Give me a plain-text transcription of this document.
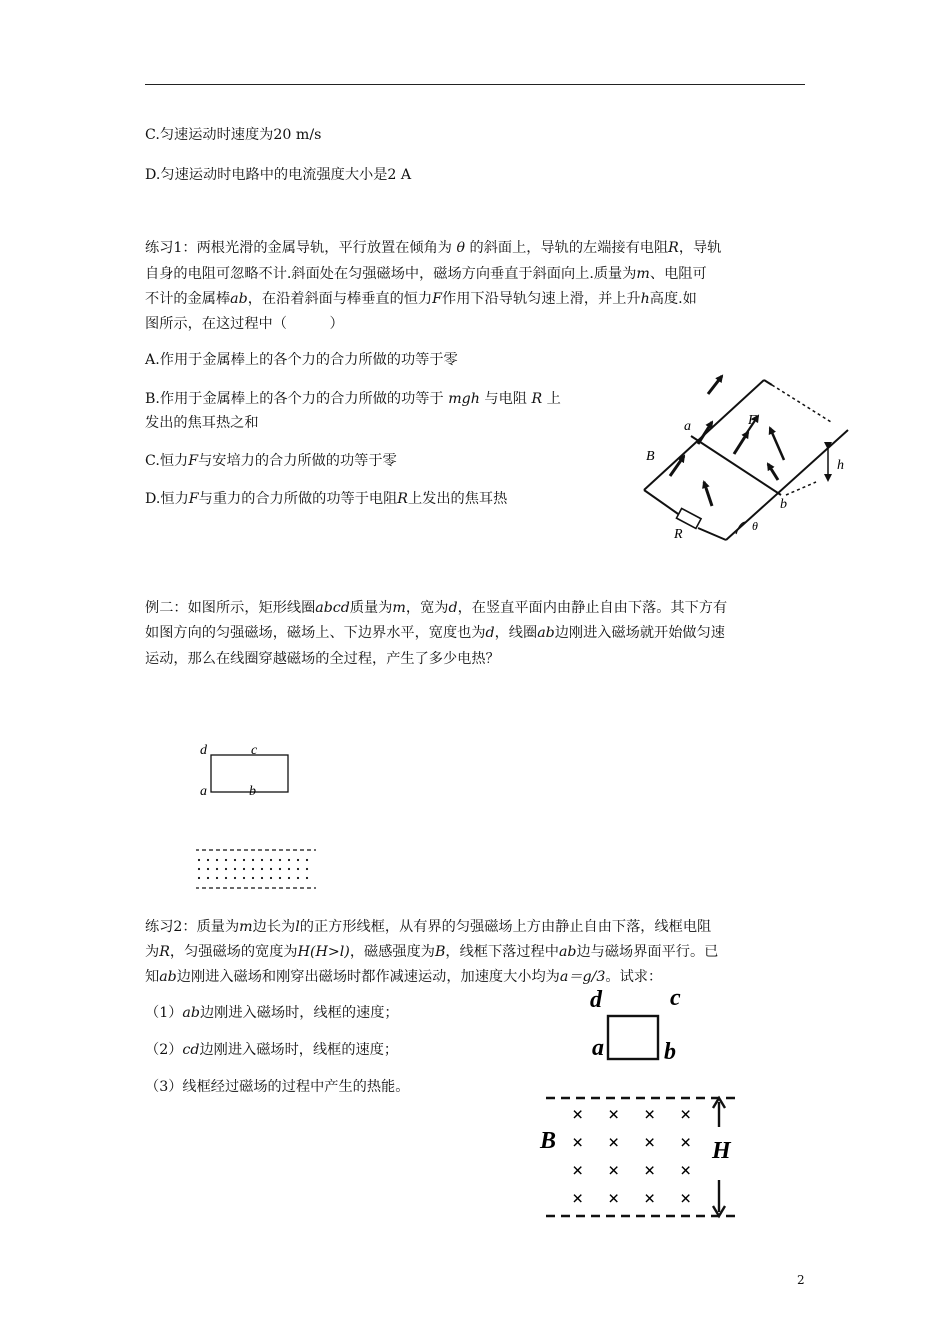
C.匀速运动时速度为20 m/s
D.匀速运动时电路中的电流强度大小是2 A
练习1：两根光滑的金属导轨，平行放置在倾角为 θ 的斜面上，导轨的左端接有电阻R，导轨
自身的电阻可忽略不计.斜面处在匀强磁场中，磁场方向垂直于斜面向上.质量为m、电阻可
不计的金属棒ab，在沿着斜面与棒垂直的恒力F作用下沿导轨匀速上滑，并上升h高度.如
图所示，在这过程中（　　　）
A.作用于金属棒上的各个力的合力所做的功等于零
B.作用于金属棒上的各个力的合力所做的功等于 mgh 与电阻 R 上
发出的焦耳热之和
C.恒力F与安培力的合力所做的功等于零
D.恒力F与重力的合力所做的功等于电阻R上发出的焦耳热
a	F
B
h
b
θ
R
例二：如图所示，矩形线圈abcd质量为m，宽为d，在竖直平面内由静止自由下落。其下方有
如图方向的匀强磁场，磁场上、下边界水平，宽度也为d，线圈ab边刚进入磁场就开始做匀速
运动，那么在线圈穿越磁场的全过程，产生了多少电热？
d	c
a	b
练习2：质量为m边长为l的正方形线框，从有界的匀强磁场上方由静止自由下落，线框电阻
为R，匀强磁场的宽度为H(H>l)，磁感强度为B，线框下落过程中ab边与磁场界面平行。已
知ab边刚进入磁场和刚穿出磁场时都作减速运动，加速度大小均为a＝g/3。试求：
（1）ab边刚进入磁场时，线框的速度；
（2）cd边刚进入磁场时，线框的速度；
（3）线框经过磁场的过程中产生的热能。
d	c
a	b
× × × ×
× × × ×
× × × ×
× × × ×
B	H
2
